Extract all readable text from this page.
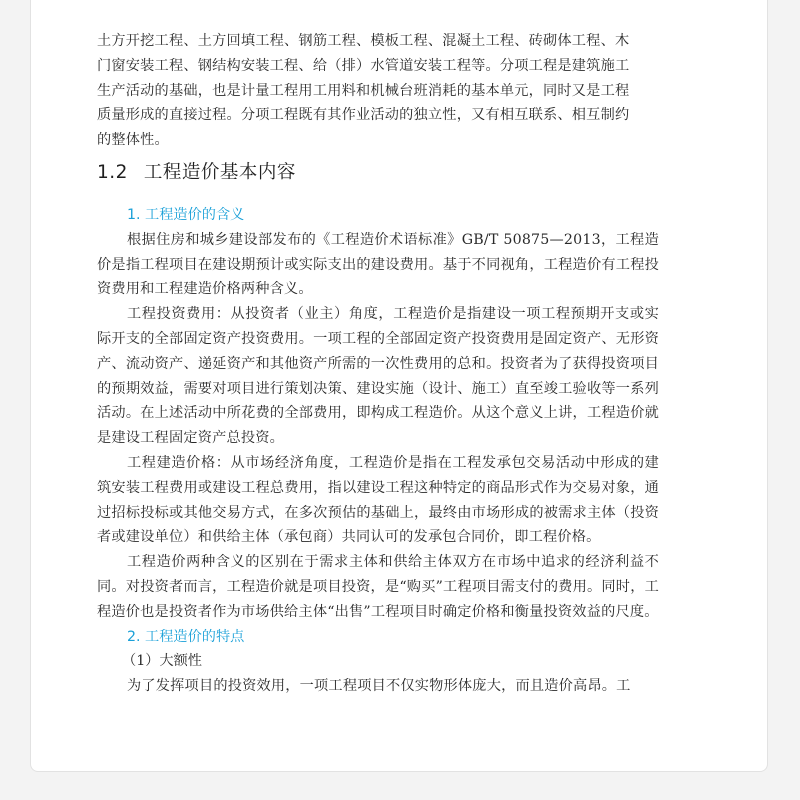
土方开挖工程、土方回填工程、钢筋工程、模板工程、混凝土工程、砖砌体工程、木

门窗安装工程、钢结构安装工程、给（排）水管道安装工程等。分项工程是建筑施工

生产活动的基础，也是计量工程用工用料和机械台班消耗的基本单元，同时又是工程

质量形成的直接过程。分项工程既有其作业活动的独立性，又有相互联系、相互制约

的整体性。

1.2 工程造价基本内容

1. 工程造价的含义

根据住房和城乡建设部发布的《工程造价术语标准》GB/T 50875—2013，工程造价是指工程项目在建设期预计或实际支出的建设费用。基于不同视角，工程造价有工程投资费用和工程建造价格两种含义。

工程投资费用：从投资者（业主）角度，工程造价是指建设一项工程预期开支或实际开支的全部固定资产投资费用。一项工程的全部固定资产投资费用是固定资产、无形资产、流动资产、递延资产和其他资产所需的一次性费用的总和。投资者为了获得投资项目的预期效益，需要对项目进行策划决策、建设实施（设计、施工）直至竣工验收等一系列活动。在上述活动中所花费的全部费用，即构成工程造价。从这个意义上讲，工程造价就是建设工程固定资产总投资。

工程建造价格：从市场经济角度，工程造价是指在工程发承包交易活动中形成的建筑安装工程费用或建设工程总费用，指以建设工程这种特定的商品形式作为交易对象，通过招标投标或其他交易方式，在多次预估的基础上，最终由市场形成的被需求主体（投资者或建设单位）和供给主体（承包商）共同认可的发承包合同价，即工程价格。

工程造价两种含义的区别在于需求主体和供给主体双方在市场中追求的经济利益不同。对投资者而言，工程造价就是项目投资，是“购买”工程项目需支付的费用。同时，工程造价也是投资者作为市场供给主体“出售”工程项目时确定价格和衡量投资效益的尺度。

2. 工程造价的特点

（1）大额性

为了发挥项目的投资效用，一项工程项目不仅实物形体庞大，而且造价高昂。工
